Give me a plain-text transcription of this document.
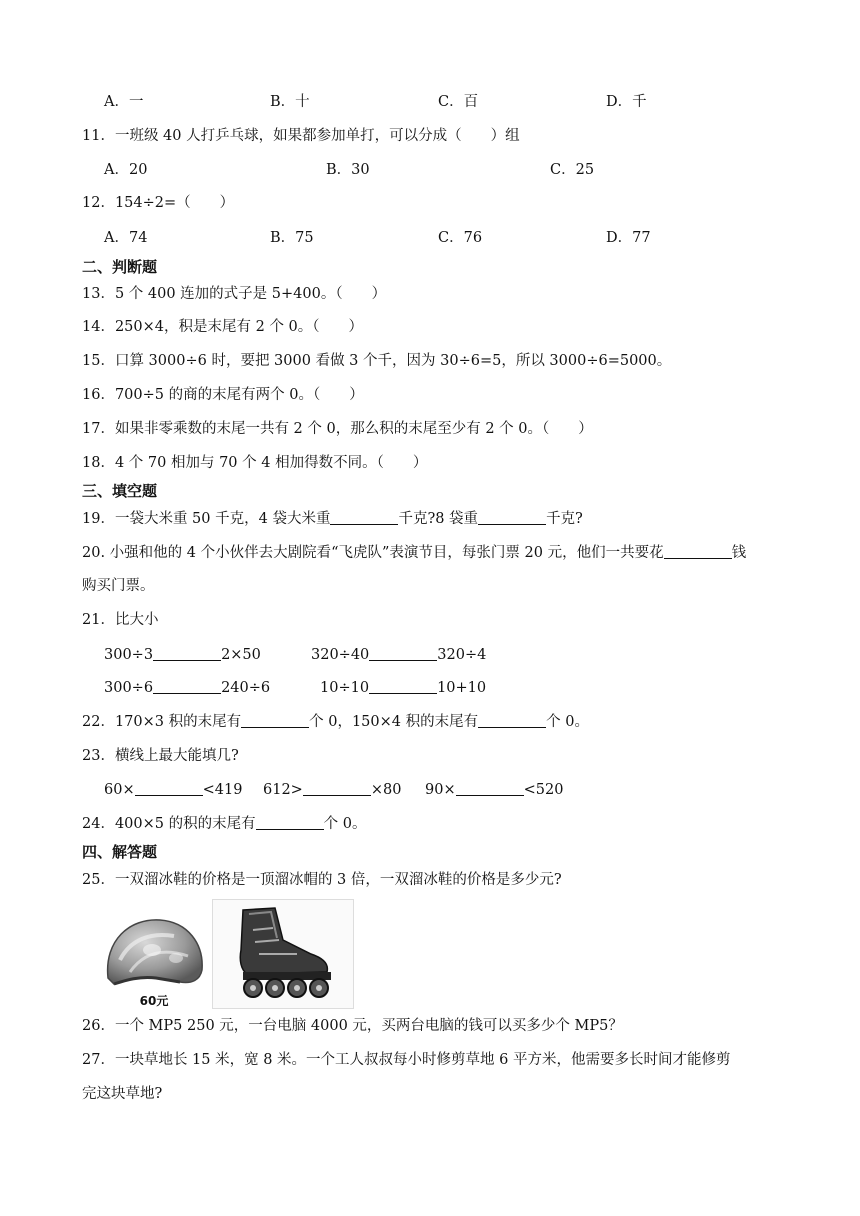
A．一	B．十	C．百	D．千
11．一班级 40 人打乒乓球，如果都参加单打，可以分成（　　）组
A．20	B．30	C．25
12．154÷2=（　　）
A．74	B．75	C．76	D．77
二、判断题
13．5 个 400 连加的式子是 5+400。（　　）
14．250×4，积是末尾有 2 个 0。（　　）
15．口算 3000÷6 时，要把 3000 看做 3 个千，因为 30÷6=5，所以 3000÷6=5000。
16．700÷5 的商的末尾有两个 0。（　　）
17．如果非零乘数的末尾一共有 2 个 0，那么积的末尾至少有 2 个 0。（　　）
18．4 个 70 相加与 70 个 4 相加得数不同。（　　）
三、填空题
19．一袋大米重 50 千克，4 袋大米重	千克?8 袋重	千克?
20. 小强和他的 4 个小伙伴去大剧院看“飞虎队”表演节目，每张门票 20 元，他们一共要花	钱
购买门票。
21．比大小
300÷3	2×50	320÷40	320÷4
300÷6	240÷6	10÷10	10+10
22．170×3 积的末尾有	个 0，150×4 积的末尾有	个 0。
23．横线上最大能填几?
60×	<419 612>	×80 90×	<520
24．400×5 的积的末尾有	个 0。
四、解答题
25．一双溜冰鞋的价格是一顶溜冰帽的 3 倍，一双溜冰鞋的价格是多少元?
60元
26．一个 MP5 250 元，一台电脑 4000 元，买两台电脑的钱可以买多少个 MP5？
27．一块草地长 15 米，宽 8 米。一个工人叔叔每小时修剪草地 6 平方米，他需要多长时间才能修剪
完这块草地?
